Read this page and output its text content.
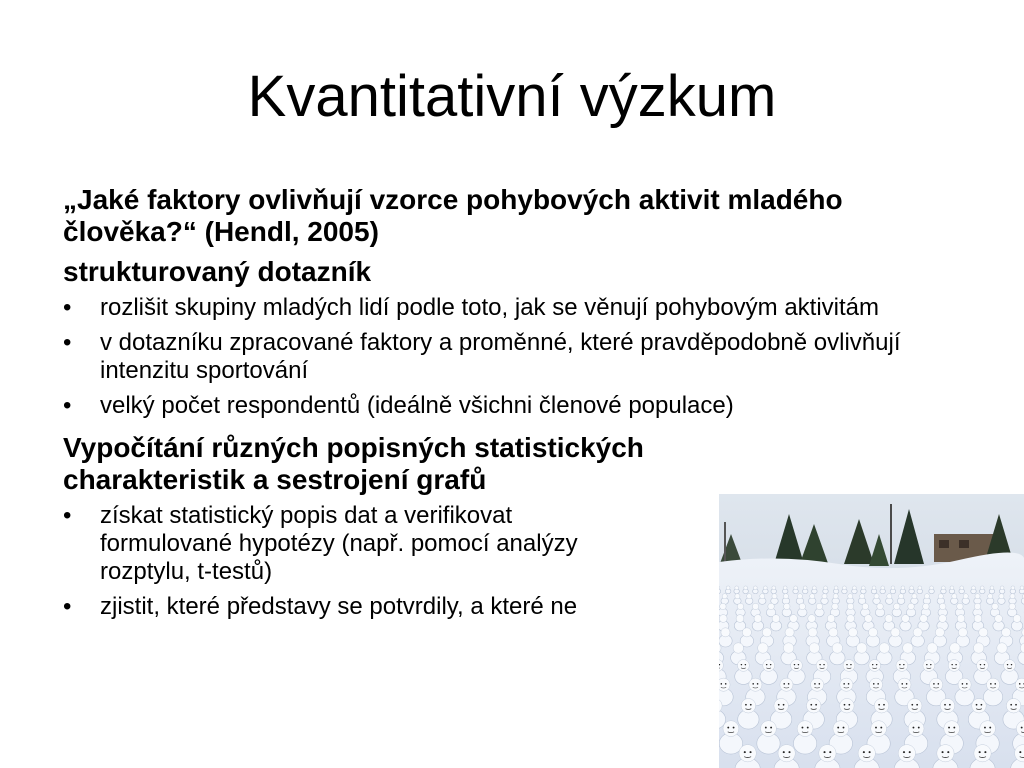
Kvantitativní výzkum
„Jaké faktory ovlivňují vzorce pohybových aktivit mladého člověka?“ (Hendl, 2005)
strukturovaný dotazník
• rozlišit skupiny mladých lidí podle toto, jak se věnují pohybovým aktivitám
• v dotazníku zpracované faktory a proměnné, které pravděpodobně ovlivňují intenzitu sportování
• velký počet respondentů (ideálně všichni členové populace)
Vypočítání různých popisných statistických charakteristik a sestrojení grafů
• získat statistický popis dat a verifikovat formulované hypotézy (např. pomocí analýzy rozptylu, t-testů)
• zjistit, které představy se potvrdily, a které ne
